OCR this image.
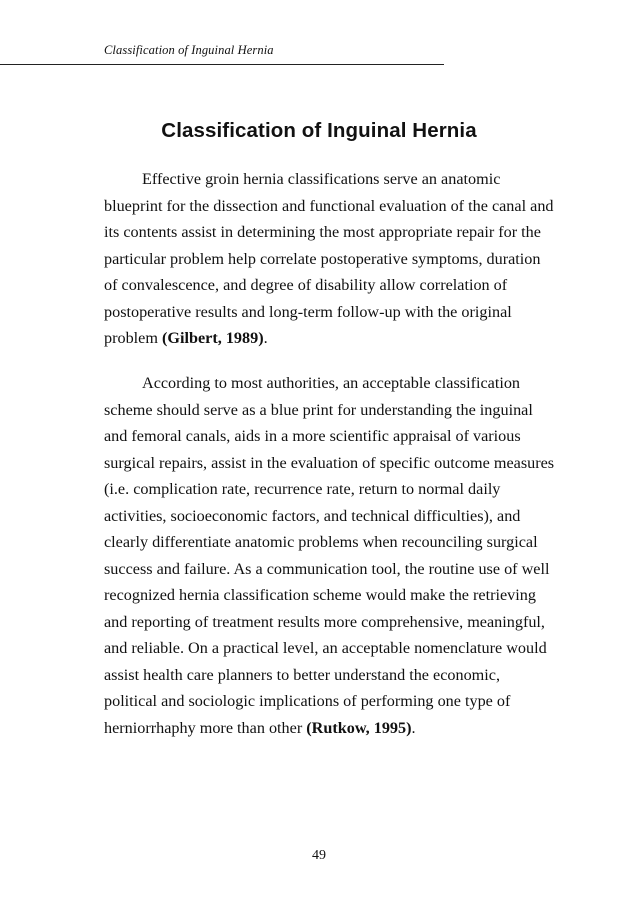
Classification of Inguinal Hernia
Classification of Inguinal Hernia
Effective groin hernia classifications serve an anatomic
blueprint for the dissection and functional evaluation of the canal and
its contents assist in determining the most appropriate repair for the
particular problem help correlate postoperative symptoms, duration
of convalescence, and degree of disability allow correlation of
postoperative results and long-term follow-up with the original
problem (Gilbert, 1989).
According to most authorities, an acceptable classification
scheme should serve as a blue print for understanding the inguinal
and femoral canals, aids in a more scientific appraisal of various
surgical repairs, assist in the evaluation of specific outcome measures
(i.e. complication rate, recurrence rate, return to normal daily
activities, socioeconomic factors, and technical difficulties), and
clearly differentiate anatomic problems when recounciling surgical
success and failure. As a communication tool, the routine use of well
recognized hernia classification scheme would make the retrieving
and reporting of treatment results more comprehensive, meaningful,
and reliable. On a practical level, an acceptable nomenclature would
assist health care planners to better understand the economic,
political and sociologic implications of performing one type of
herniorrhaphy more than other (Rutkow, 1995).
49
